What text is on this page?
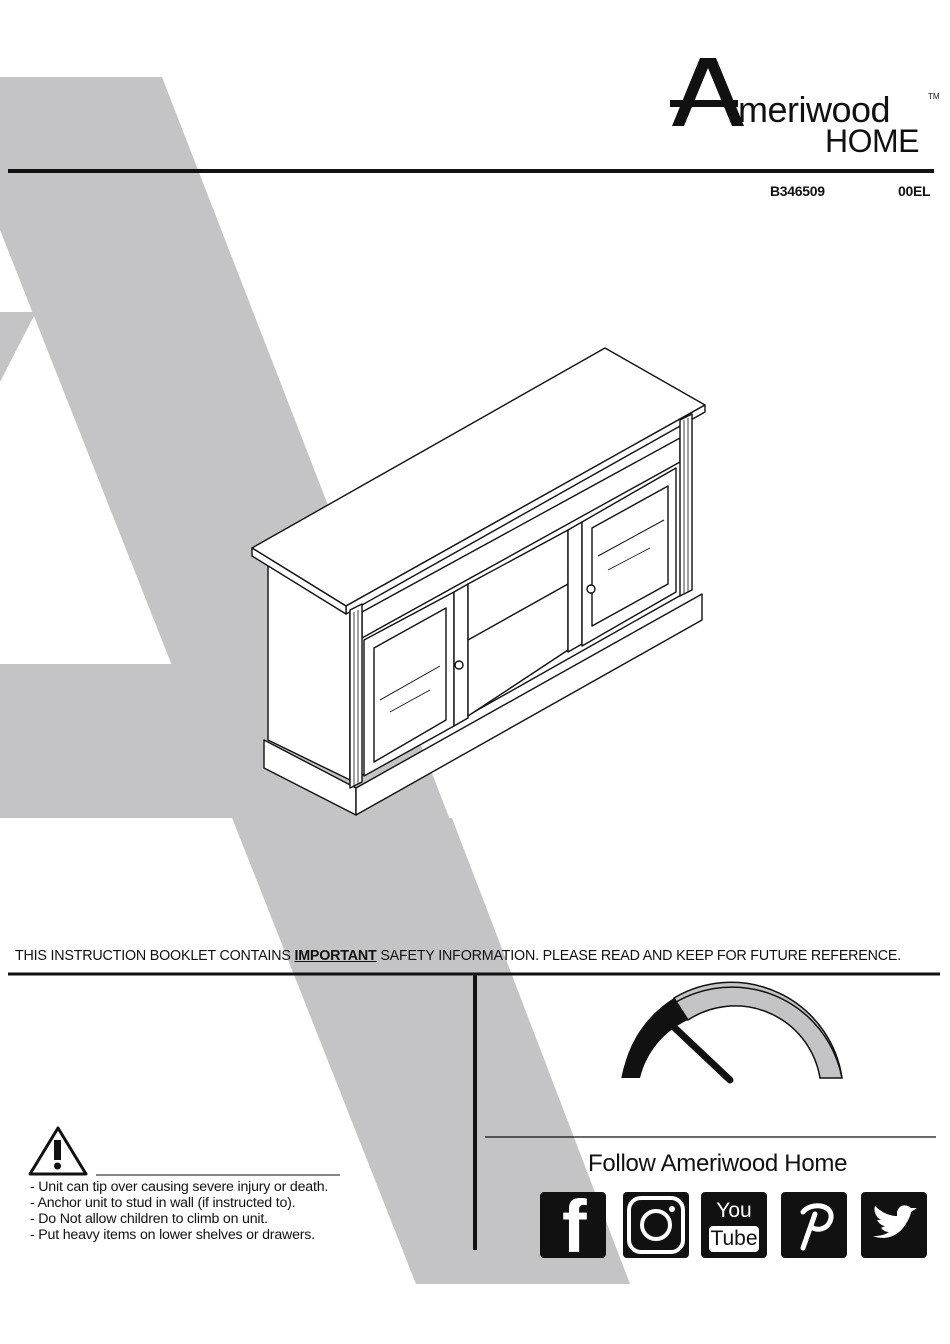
meriwood	TM
HOME
B346509	00EL
THIS INSTRUCTION BOOKLET CONTAINS IMPORTANT SAFETY INFORMATION. PLEASE READ AND KEEP FOR FUTURE REFERENCE.
- Unit can tip over causing severe injury or death.
- Anchor unit to stud in wall (if instructed to).
- Do Not allow children to climb on unit.
- Put heavy items on lower shelves or drawers.
Follow Ameriwood Home
f	You
Tube
